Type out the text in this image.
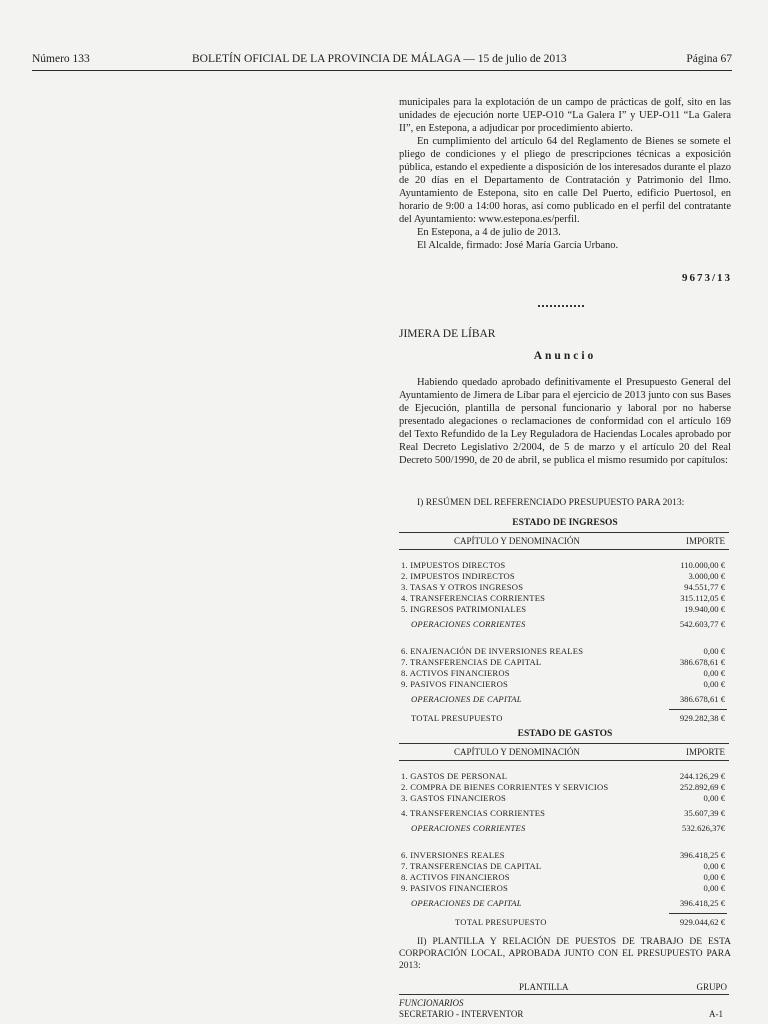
Número 133	BOLETÍN OFICIAL DE LA PROVINCIA DE MÁLAGA — 15 de julio de 2013	Página 67

municipales para la explotación de un campo de prácticas de golf, sito en las unidades de ejecución norte UEP-O10 “La Galera I” y UEP-O11 “La Galera II”, en Estepona, a adjudicar por procedimiento abierto.

En cumplimiento del artículo 64 del Reglamento de Bienes se somete el pliego de condiciones y el pliego de prescripciones técnicas a exposición pública, estando el expediente a disposición de los interesados durante el plazo de 20 días en el Departamento de Contratación y Patrimonio del Ilmo. Ayuntamiento de Estepona, sito en calle Del Puerto, edificio Puertosol, en horario de 9:00 a 14:00 horas, así como publicado en el perfil del contratante del Ayuntamiento: www.estepona.es/perfil.

En Estepona, a 4 de julio de 2013.

El Alcalde, firmado: José María García Urbano.

9673/13
JIMERA DE LÍBAR
Anuncio

Habiendo quedado aprobado definitivamente el Presupuesto General del Ayuntamiento de Jimera de Líbar para el ejercicio de 2013 junto con sus Bases de Ejecución, plantilla de personal funcionario y laboral por no haberse presentado alegaciones o reclamaciones de conformidad con el artículo 169 del Texto Refundido de la Ley Reguladora de Haciendas Locales aprobado por Real Decreto Legislativo 2/2004, de 5 de marzo y el artículo 20 del Real Decreto 500/1990, de 20 de abril, se publica el mismo resumido por capítulos:

I) RESÚMEN DEL REFERENCIADO PRESUPUESTO PARA 2013:

ESTADO DE INGRESOS
CAPÍTULO Y DENOMINACIÓN	IMPORTE
1. IMPUESTOS DIRECTOS	110.000,00 €
2. IMPUESTOS INDIRECTOS	3.000,00 €
3. TASAS Y OTROS INGRESOS	94.551,77 €
4. TRANSFERENCIAS CORRIENTES	315.112,05 €
5. INGRESOS PATRIMONIALES	19.940,00 €
OPERACIONES CORRIENTES	542.603,77 €
6. ENAJENACIÓN DE INVERSIONES REALES	0,00 €
7. TRANSFERENCIAS DE CAPITAL	386.678,61 €
8. ACTIVOS FINANCIEROS	0,00 €
9. PASIVOS FINANCIEROS	0,00 €
OPERACIONES DE CAPITAL	386.678,61 €
TOTAL PRESUPUESTO	929.282,38 €
ESTADO DE GASTOS
CAPÍTULO Y DENOMINACIÓN	IMPORTE
1. GASTOS DE PERSONAL	244.126,29 €
2. COMPRA DE BIENES CORRIENTES Y SERVICIOS	252.892,69 €
3. GASTOS FINANCIEROS	0,00 €
4. TRANSFERENCIAS CORRIENTES	35.607,39 €
OPERACIONES CORRIENTES	532.626,37€
6. INVERSIONES REALES	396.418,25 €
7. TRANSFERENCIAS DE CAPITAL	0,00 €
8. ACTIVOS FINANCIEROS	0,00 €
9. PASIVOS FINANCIEROS	0,00 €
OPERACIONES DE CAPITAL	396.418,25 €
TOTAL PRESUPUESTO	929.044,62 €

II) PLANTILLA Y RELACIÓN DE PUESTOS DE TRABAJO DE ESTA CORPORACIÓN LOCAL, APROBADA JUNTO CON EL PRESUPUESTO PARA 2013:

PLANTILLA	GRUPO
FUNCIONARIOS
SECRETARIO - INTERVENTOR	A-1
